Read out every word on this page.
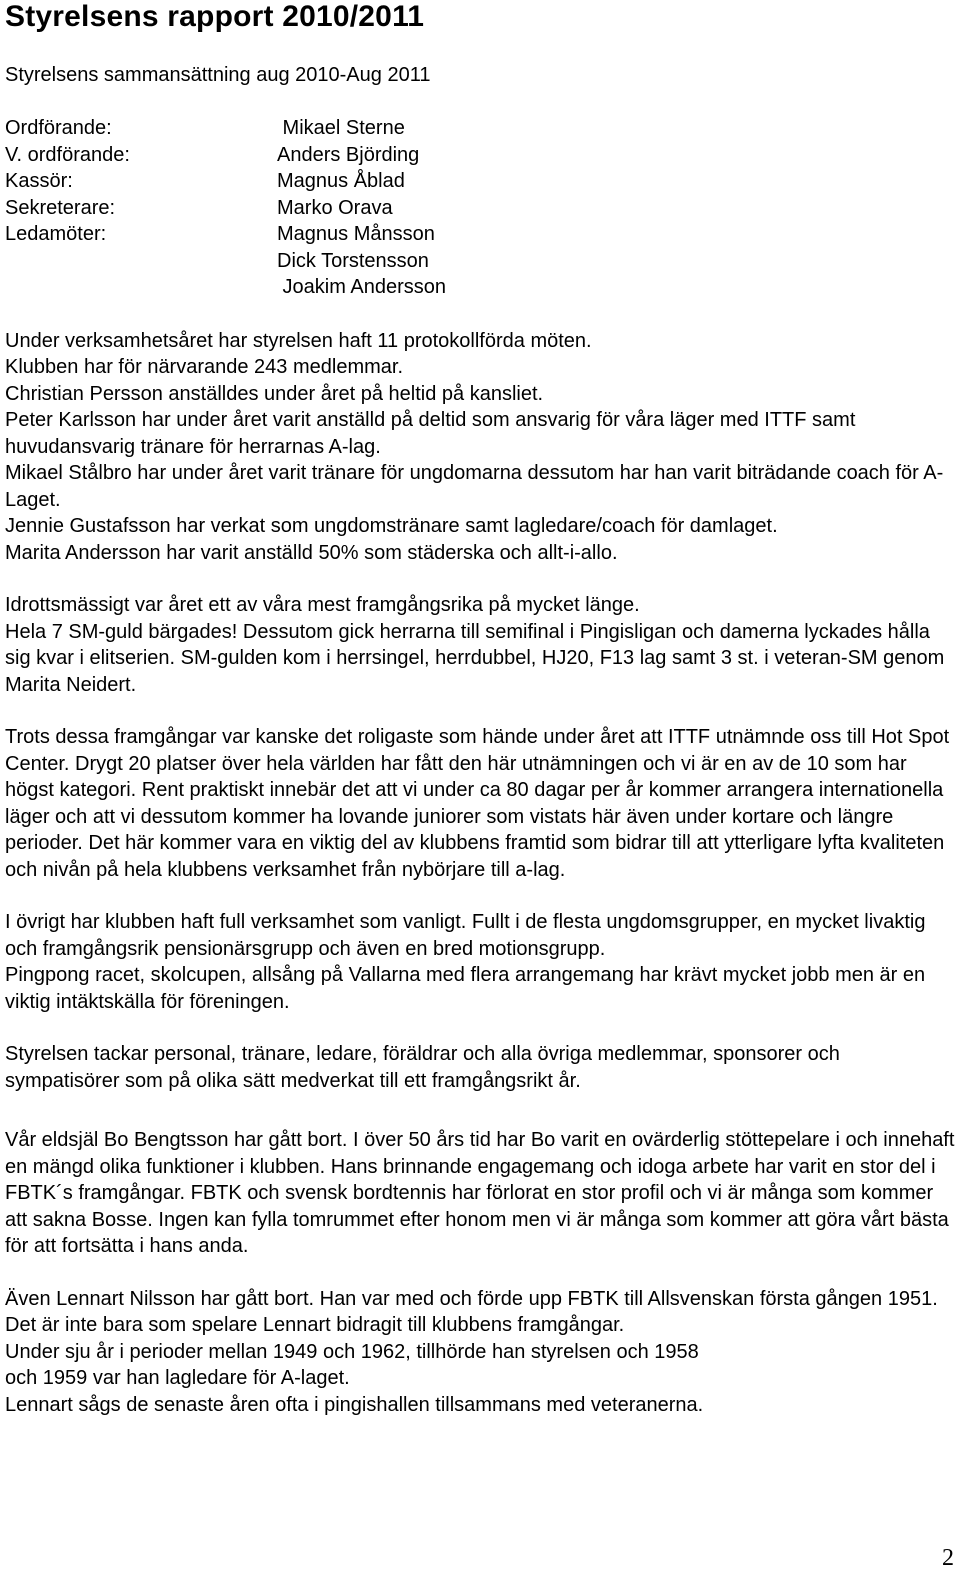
Styrelsens rapport 2010/2011

Styrelsens sammansättning aug 2010-Aug 2011

Ordförande:	Mikael Sterne
V. ordförande:	Anders Björding
Kassör:	Magnus Åblad
Sekreterare:	Marko Orava
Ledamöter:	Magnus Månsson
Dick Torstensson
Joakim Andersson

Under verksamhetsåret har styrelsen haft 11 protokollförda möten.
Klubben har för närvarande 243 medlemmar.
Christian Persson anställdes under året på heltid på kansliet.
Peter Karlsson har under året varit anställd på deltid som ansvarig för våra läger med ITTF samt huvudansvarig tränare för herrarnas A-lag.
Mikael Stålbro har under året varit tränare för ungdomarna dessutom har han varit biträdande coach för A-Laget.
Jennie Gustafsson har verkat som ungdomstränare samt lagledare/coach för damlaget.
Marita Andersson har varit anställd 50% som städerska och allt-i-allo.

Idrottsmässigt var året ett av våra mest framgångsrika på mycket länge.
Hela 7 SM-guld bärgades! Dessutom gick herrarna till semifinal i Pingisligan och damerna lyckades hålla sig kvar i elitserien. SM-gulden kom i herrsingel, herrdubbel, HJ20, F13 lag samt 3 st. i veteran-SM genom Marita Neidert.

Trots dessa framgångar var kanske det roligaste som hände under året att ITTF utnämnde oss till Hot Spot Center. Drygt 20 platser över hela världen har fått den här utnämningen och vi är en av de 10 som har högst kategori. Rent praktiskt innebär det att vi under ca 80 dagar per år kommer arrangera internationella läger och att vi dessutom kommer ha lovande juniorer som vistats här även under kortare och längre perioder. Det här kommer vara en viktig del av klubbens framtid som bidrar till att ytterligare lyfta kvaliteten och nivån på hela klubbens verksamhet från nybörjare till a-lag.

I övrigt har klubben haft full verksamhet som vanligt. Fullt i de flesta ungdomsgrupper, en mycket livaktig och framgångsrik pensionärsgrupp och även en bred motionsgrupp.
Pingpong racet, skolcupen, allsång på Vallarna med flera arrangemang har krävt mycket jobb men är en viktig intäktskälla för föreningen.

Styrelsen tackar personal, tränare, ledare, föräldrar och alla övriga medlemmar, sponsorer och sympatisörer som på olika sätt medverkat till ett framgångsrikt år.

Vår eldsjäl Bo Bengtsson har gått bort. I över 50 års tid har Bo varit en ovärderlig stöttepelare i och innehaft en mängd olika funktioner i klubben. Hans brinnande engagemang och idoga arbete har varit en stor del i FBTK´s framgångar. FBTK och svensk bordtennis har förlorat en stor profil och vi är många som kommer att sakna Bosse. Ingen kan fylla tomrummet efter honom men vi är många som kommer att göra vårt bästa för att fortsätta i hans anda.

Även Lennart Nilsson har gått bort. Han var med och förde upp FBTK till Allsvenskan första gången 1951. Det är inte bara som spelare Lennart bidragit till klubbens framgångar.
Under sju år i perioder mellan 1949 och 1962, tillhörde han styrelsen och 1958
och 1959 var han lagledare för A-laget.
Lennart sågs de senaste åren ofta i pingishallen tillsammans med veteranerna.

2
